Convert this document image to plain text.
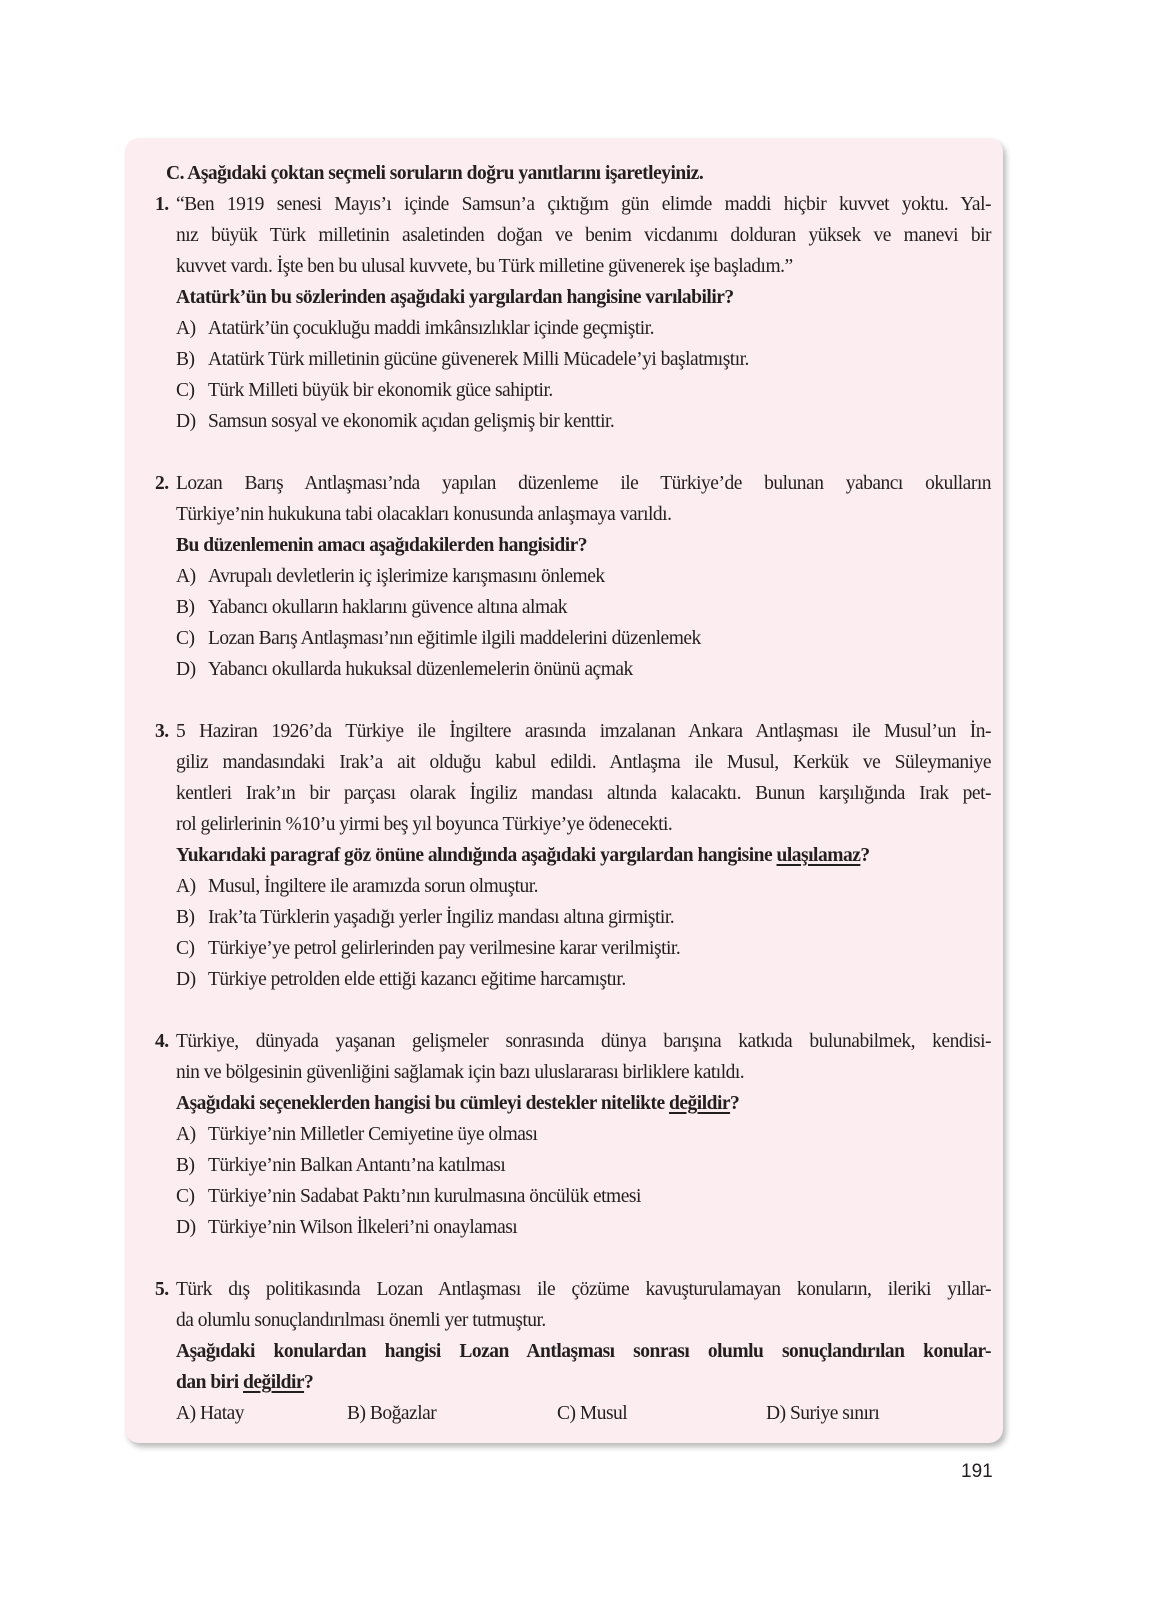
C. Aşağıdaki çoktan seçmeli soruların doğru yanıtlarını işaretleyiniz.
1. “Ben 1919 senesi Mayıs’ı içinde Samsun’a çıktığım gün elimde maddi hiçbir kuvvet yoktu. Yal-
nız büyük Türk milletinin asaletinden doğan ve benim vicdanımı dolduran yüksek ve manevi bir
kuvvet vardı. İşte ben bu ulusal kuvvete, bu Türk milletine güvenerek işe başladım.”
Atatürk’ün bu sözlerinden aşağıdaki yargılardan hangisine varılabilir?
A) Atatürk’ün çocukluğu maddi imkânsızlıklar içinde geçmiştir.
B) Atatürk Türk milletinin gücüne güvenerek Milli Mücadele’yi başlatmıştır.
C) Türk Milleti büyük bir ekonomik güce sahiptir.
D) Samsun sosyal ve ekonomik açıdan gelişmiş bir kenttir.
2. Lozan Barış Antlaşması’nda yapılan düzenleme ile Türkiye’de bulunan yabancı okulların
Türkiye’nin hukukuna tabi olacakları konusunda anlaşmaya varıldı.
Bu düzenlemenin amacı aşağıdakilerden hangisidir?
A) Avrupalı devletlerin iç işlerimize karışmasını önlemek
B) Yabancı okulların haklarını güvence altına almak
C) Lozan Barış Antlaşması’nın eğitimle ilgili maddelerini düzenlemek
D) Yabancı okullarda hukuksal düzenlemelerin önünü açmak
3. 5 Haziran 1926’da Türkiye ile İngiltere arasında imzalanan Ankara Antlaşması ile Musul’un İn-
giliz mandasındaki Irak’a ait olduğu kabul edildi. Antlaşma ile Musul, Kerkük ve Süleymaniye
kentleri Irak’ın bir parçası olarak İngiliz mandası altında kalacaktı. Bunun karşılığında Irak pet-
rol gelirlerinin %10’u yirmi beş yıl boyunca Türkiye’ye ödenecekti.
Yukarıdaki paragraf göz önüne alındığında aşağıdaki yargılardan hangisine ulaşılamaz?
A) Musul, İngiltere ile aramızda sorun olmuştur.
B) Irak’ta Türklerin yaşadığı yerler İngiliz mandası altına girmiştir.
C) Türkiye’ye petrol gelirlerinden pay verilmesine karar verilmiştir.
D) Türkiye petrolden elde ettiği kazancı eğitime harcamıştır.
4. Türkiye, dünyada yaşanan gelişmeler sonrasında dünya barışına katkıda bulunabilmek, kendisi-
nin ve bölgesinin güvenliğini sağlamak için bazı uluslararası birliklere katıldı.
Aşağıdaki seçeneklerden hangisi bu cümleyi destekler nitelikte değildir?
A) Türkiye’nin Milletler Cemiyetine üye olması
B) Türkiye’nin Balkan Antantı’na katılması
C) Türkiye’nin Sadabat Paktı’nın kurulmasına öncülük etmesi
D) Türkiye’nin Wilson İlkeleri’ni onaylaması
5. Türk dış politikasında Lozan Antlaşması ile çözüme kavuşturulamayan konuların, ileriki yıllar-
da olumlu sonuçlandırılması önemli yer tutmuştur.
Aşağıdaki konulardan hangisi Lozan Antlaşması sonrası olumlu sonuçlandırılan konular-
dan biri değildir?
A) Hatay	B) Boğazlar	C) Musul	D) Suriye sınırı
191
